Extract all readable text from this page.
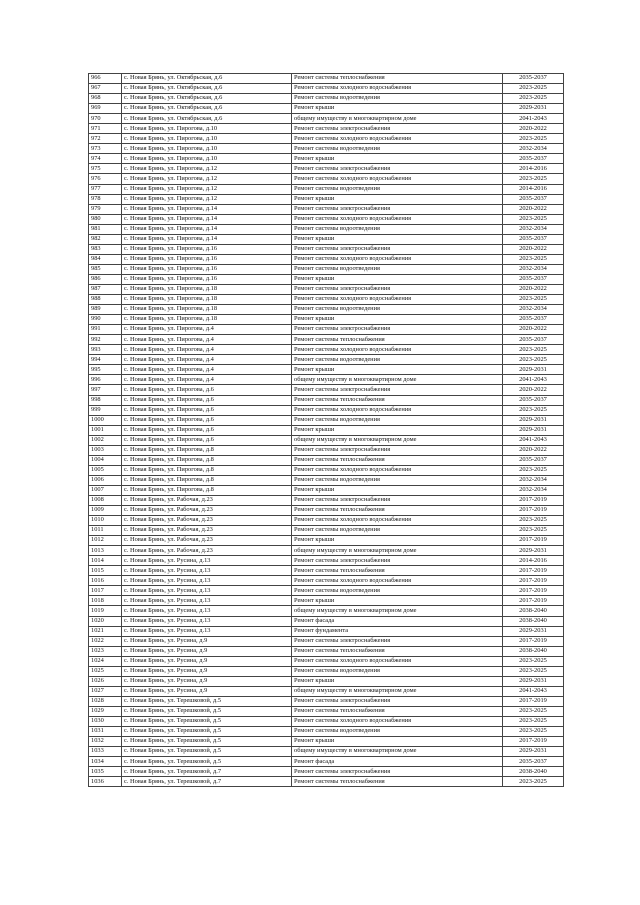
966	с. Новая Брянь, ул. Октябрьская, д.6	Ремонт системы теплоснабжения	2035-2037
967	с. Новая Брянь, ул. Октябрьская, д.6	Ремонт системы холодного водоснабжения	2023-2025
968	с. Новая Брянь, ул. Октябрьская, д.6	Ремонт системы водоотведения	2023-2025
969	с. Новая Брянь, ул. Октябрьская, д.6	Ремонт крыши	2029-2031
970	с. Новая Брянь, ул. Октябрьская, д.6	общему имуществу в многоквартирном доме	2041-2043
971	с. Новая Брянь, ул. Пирогова, д.10	Ремонт системы электроснабжения	2020-2022
972	с. Новая Брянь, ул. Пирогова, д.10	Ремонт системы холодного водоснабжения	2023-2025
973	с. Новая Брянь, ул. Пирогова, д.10	Ремонт системы водоотведения	2032-2034
974	с. Новая Брянь, ул. Пирогова, д.10	Ремонт крыши	2035-2037
975	с. Новая Брянь, ул. Пирогова, д.12	Ремонт системы электроснабжения	2014-2016
976	с. Новая Брянь, ул. Пирогова, д.12	Ремонт системы холодного водоснабжения	2023-2025
977	с. Новая Брянь, ул. Пирогова, д.12	Ремонт системы водоотведения	2014-2016
978	с. Новая Брянь, ул. Пирогова, д.12	Ремонт крыши	2035-2037
979	с. Новая Брянь, ул. Пирогова, д.14	Ремонт системы электроснабжения	2020-2022
980	с. Новая Брянь, ул. Пирогова, д.14	Ремонт системы холодного водоснабжения	2023-2025
981	с. Новая Брянь, ул. Пирогова, д.14	Ремонт системы водоотведения	2032-2034
982	с. Новая Брянь, ул. Пирогова, д.14	Ремонт крыши	2035-2037
983	с. Новая Брянь, ул. Пирогова, д.16	Ремонт системы электроснабжения	2020-2022
984	с. Новая Брянь, ул. Пирогова, д.16	Ремонт системы холодного водоснабжения	2023-2025
985	с. Новая Брянь, ул. Пирогова, д.16	Ремонт системы водоотведения	2032-2034
986	с. Новая Брянь, ул. Пирогова, д.16	Ремонт крыши	2035-2037
987	с. Новая Брянь, ул. Пирогова, д.18	Ремонт системы электроснабжения	2020-2022
988	с. Новая Брянь, ул. Пирогова, д.18	Ремонт системы холодного водоснабжения	2023-2025
989	с. Новая Брянь, ул. Пирогова, д.18	Ремонт системы водоотведения	2032-2034
990	с. Новая Брянь, ул. Пирогова, д.18	Ремонт крыши	2035-2037
991	с. Новая Брянь, ул. Пирогова, д.4	Ремонт системы электроснабжения	2020-2022
992	с. Новая Брянь, ул. Пирогова, д.4	Ремонт системы теплоснабжения	2035-2037
993	с. Новая Брянь, ул. Пирогова, д.4	Ремонт системы холодного водоснабжения	2023-2025
994	с. Новая Брянь, ул. Пирогова, д.4	Ремонт системы водоотведения	2023-2025
995	с. Новая Брянь, ул. Пирогова, д.4	Ремонт крыши	2029-2031
996	с. Новая Брянь, ул. Пирогова, д.4	общему имуществу в многоквартирном доме	2041-2043
997	с. Новая Брянь, ул. Пирогова, д.6	Ремонт системы электроснабжения	2020-2022
998	с. Новая Брянь, ул. Пирогова, д.6	Ремонт системы теплоснабжения	2035-2037
999	с. Новая Брянь, ул. Пирогова, д.6	Ремонт системы холодного водоснабжения	2023-2025
1000	с. Новая Брянь, ул. Пирогова, д.6	Ремонт системы водоотведения	2029-2031
1001	с. Новая Брянь, ул. Пирогова, д.6	Ремонт крыши	2029-2031
1002	с. Новая Брянь, ул. Пирогова, д.6	общему имуществу в многоквартирном доме	2041-2043
1003	с. Новая Брянь, ул. Пирогова, д.8	Ремонт системы электроснабжения	2020-2022
1004	с. Новая Брянь, ул. Пирогова, д.8	Ремонт системы теплоснабжения	2035-2037
1005	с. Новая Брянь, ул. Пирогова, д.8	Ремонт системы холодного водоснабжения	2023-2025
1006	с. Новая Брянь, ул. Пирогова, д.8	Ремонт системы водоотведения	2032-2034
1007	с. Новая Брянь, ул. Пирогова, д.8	Ремонт крыши	2032-2034
1008	с. Новая Брянь, ул. Рабочая, д.23	Ремонт системы электроснабжения	2017-2019
1009	с. Новая Брянь, ул. Рабочая, д.23	Ремонт системы теплоснабжения	2017-2019
1010	с. Новая Брянь, ул. Рабочая, д.23	Ремонт системы холодного водоснабжения	2023-2025
1011	с. Новая Брянь, ул. Рабочая, д.23	Ремонт системы водоотведения	2023-2025
1012	с. Новая Брянь, ул. Рабочая, д.23	Ремонт крыши	2017-2019
1013	с. Новая Брянь, ул. Рабочая, д.23	общему имуществу в многоквартирном доме	2029-2031
1014	с. Новая Брянь, ул. Русина, д.13	Ремонт системы электроснабжения	2014-2016
1015	с. Новая Брянь, ул. Русина, д.13	Ремонт системы теплоснабжения	2017-2019
1016	с. Новая Брянь, ул. Русина, д.13	Ремонт системы холодного водоснабжения	2017-2019
1017	с. Новая Брянь, ул. Русина, д.13	Ремонт системы водоотведения	2017-2019
1018	с. Новая Брянь, ул. Русина, д.13	Ремонт крыши	2017-2019
1019	с. Новая Брянь, ул. Русина, д.13	общему имуществу в многоквартирном доме	2038-2040
1020	с. Новая Брянь, ул. Русина, д.13	Ремонт фасада	2038-2040
1021	с. Новая Брянь, ул. Русина, д.13	Ремонт фундамента	2029-2031
1022	с. Новая Брянь, ул. Русина, д.9	Ремонт системы электроснабжения	2017-2019
1023	с. Новая Брянь, ул. Русина, д.9	Ремонт системы теплоснабжения	2038-2040
1024	с. Новая Брянь, ул. Русина, д.9	Ремонт системы холодного водоснабжения	2023-2025
1025	с. Новая Брянь, ул. Русина, д.9	Ремонт системы водоотведения	2023-2025
1026	с. Новая Брянь, ул. Русина, д.9	Ремонт крыши	2029-2031
1027	с. Новая Брянь, ул. Русина, д.9	общему имуществу в многоквартирном доме	2041-2043
1028	с. Новая Брянь, ул. Терешковой, д.5	Ремонт системы электроснабжения	2017-2019
1029	с. Новая Брянь, ул. Терешковой, д.5	Ремонт системы теплоснабжения	2023-2025
1030	с. Новая Брянь, ул. Терешковой, д.5	Ремонт системы холодного водоснабжения	2023-2025
1031	с. Новая Брянь, ул. Терешковой, д.5	Ремонт системы водоотведения	2023-2025
1032	с. Новая Брянь, ул. Терешковой, д.5	Ремонт крыши	2017-2019
1033	с. Новая Брянь, ул. Терешковой, д.5	общему имуществу в многоквартирном доме	2029-2031
1034	с. Новая Брянь, ул. Терешковой, д.5	Ремонт фасада	2035-2037
1035	с. Новая Брянь, ул. Терешковой, д.7	Ремонт системы электроснабжения	2038-2040
1036	с. Новая Брянь, ул. Терешковой, д.7	Ремонт системы теплоснабжения	2023-2025
